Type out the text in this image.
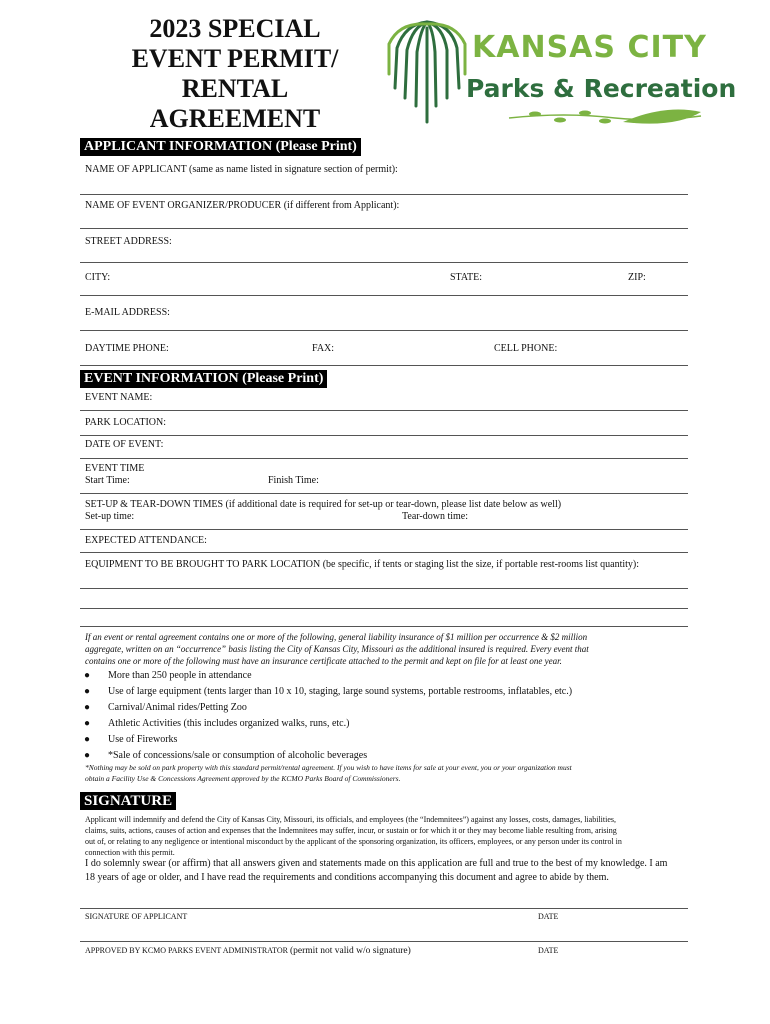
2023 SPECIAL
EVENT PERMIT/
RENTAL
AGREEMENT
KANSAS CITY
Parks & Recreation
APPLICANT INFORMATION (Please Print)
NAME OF APPLICANT (same as name listed in signature section of permit):
NAME OF EVENT ORGANIZER/PRODUCER (if different from Applicant):
STREET ADDRESS:
CITY:	STATE:	ZIP:
E-MAIL ADDRESS:
DAYTIME PHONE:	FAX:	CELL PHONE:
EVENT INFORMATION (Please Print)
EVENT NAME:
PARK LOCATION:
DATE OF EVENT:
EVENT TIME
Start Time:	Finish Time:
SET-UP & TEAR-DOWN TIMES (if additional date is required for set-up or tear-down, please list date below as well)
Set-up time:	Tear-down time:
EXPECTED ATTENDANCE:
EQUIPMENT TO BE BROUGHT TO PARK LOCATION (be specific, if tents or staging list the size, if portable rest-rooms list quantity):
If an event or rental agreement contains one or more of the following, general liability insurance of $1 million per occurrence & $2 million
aggregate, written on an “occurrence” basis listing the City of Kansas City, Missouri as the additional insured is required. Every event that
contains one or more of the following must have an insurance certificate attached to the permit and kept on file for at least one year.
● More than 250 people in attendance
● Use of large equipment (tents larger than 10 x 10, staging, large sound systems, portable restrooms, inflatables, etc.)
● Carnival/Animal rides/Petting Zoo
● Athletic Activities (this includes organized walks, runs, etc.)
● Use of Fireworks
● *Sale of concessions/sale or consumption of alcoholic beverages
*Nothing may be sold on park property with this standard permit/rental agreement. If you wish to have items for sale at your event, you or your organization must
obtain a Facility Use & Concessions Agreement approved by the KCMO Parks Board of Commissioners.
SIGNATURE
Applicant will indemnify and defend the City of Kansas City, Missouri, its officials, and employees (the “Indemnitees”) against any losses, costs, damages, liabilities,
claims, suits, actions, causes of action and expenses that the Indemnitees may suffer, incur, or sustain or for which it or they may become liable resulting from, arising
out of, or relating to any negligence or intentional misconduct by the applicant of the sponsoring organization, its officers, employees, or any person under its control in
connection with this permit.
I do solemnly swear (or affirm) that all answers given and statements made on this application are full and true to the best of my knowledge. I am
18 years of age or older, and I have read the requirements and conditions accompanying this document and agree to abide by them.
SIGNATURE OF APPLICANT	DATE
APPROVED BY KCMO PARKS EVENT ADMINISTRATOR (permit not valid w/o signature)	DATE
